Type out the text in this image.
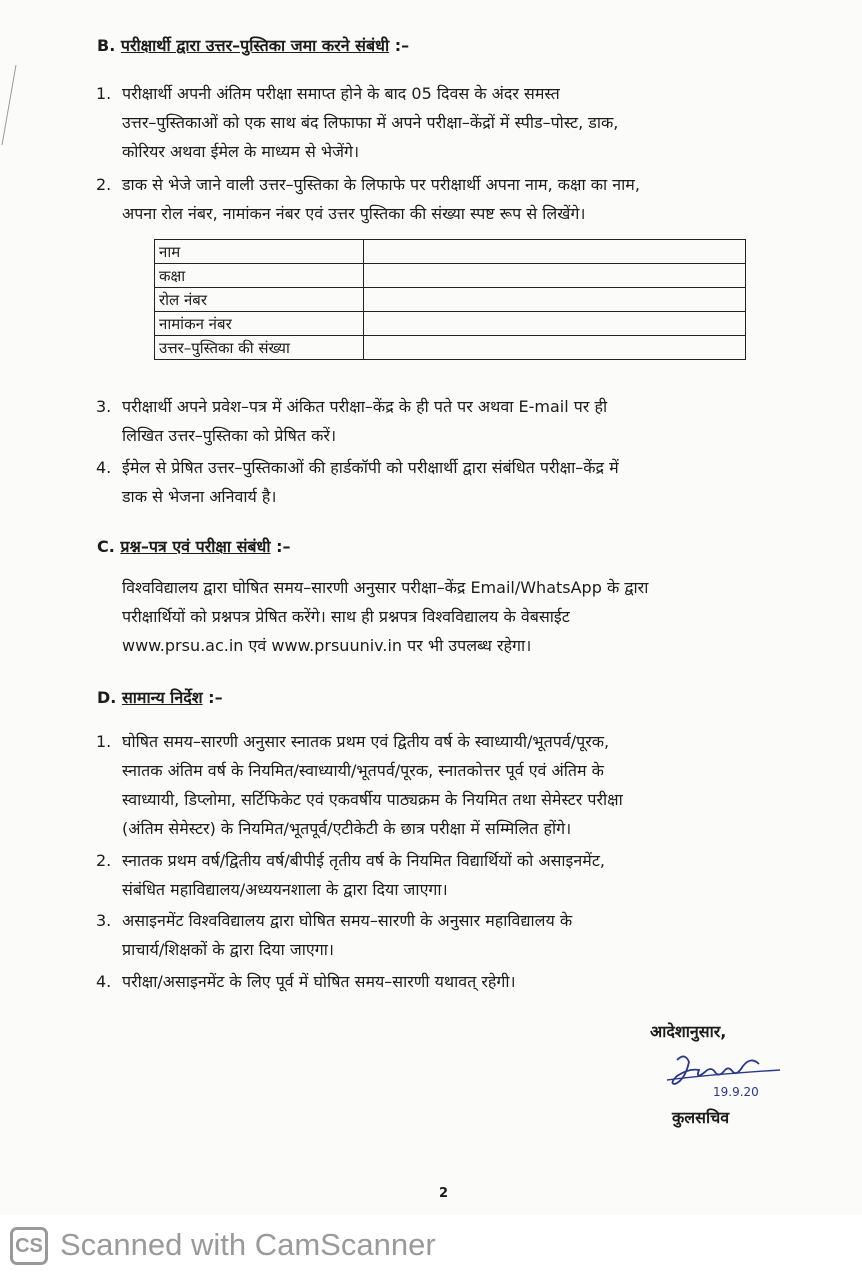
B. परीक्षार्थी द्वारा उत्तर–पुस्तिका जमा करने संबंधी :–
1. परीक्षार्थी अपनी अंतिम परीक्षा समाप्त होने के बाद 05 दिवस के अंदर समस्त
उत्तर–पुस्तिकाओं को एक साथ बंद लिफाफा में अपने परीक्षा–केंद्रों में स्पीड–पोस्ट, डाक,
कोरियर अथवा ईमेल के माध्यम से भेजेंगे।
2. डाक से भेजे जाने वाली उत्तर–पुस्तिका के लिफाफे पर परीक्षार्थी अपना नाम, कक्षा का नाम,
अपना रोल नंबर, नामांकन नंबर एवं उत्तर पुस्तिका की संख्या स्पष्ट रूप से लिखेंगे।
नाम	
कक्षा	
रोल नंबर	
नामांकन नंबर	
उत्तर–पुस्तिका की संख्या	
3. परीक्षार्थी अपने प्रवेश–पत्र में अंकित परीक्षा–केंद्र के ही पते पर अथवा E-mail पर ही
लिखित उत्तर–पुस्तिका को प्रेषित करें।
4. ईमेल से प्रेषित उत्तर–पुस्तिकाओं की हार्डकॉपी को परीक्षार्थी द्वारा संबंधित परीक्षा–केंद्र में
डाक से भेजना अनिवार्य है।
C. प्रश्न–पत्र एवं परीक्षा संबंधी :–
विश्वविद्यालय द्वारा घोषित समय–सारणी अनुसार परीक्षा–केंद्र Email/WhatsApp के द्वारा
परीक्षार्थियों को प्रश्नपत्र प्रेषित करेंगे। साथ ही प्रश्नपत्र विश्वविद्यालय के वेबसाईट
www.prsu.ac.in एवं www.prsuuniv.in पर भी उपलब्ध रहेगा।
D. सामान्य निर्देश :–
1. घोषित समय–सारणी अनुसार स्नातक प्रथम एवं द्वितीय वर्ष के स्वाध्यायी/भूतपर्व/पूरक,
स्नातक अंतिम वर्ष के नियमित/स्वाध्यायी/भूतपर्व/पूरक, स्नातकोत्तर पूर्व एवं अंतिम के
स्वाध्यायी, डिप्लोमा, सर्टिफिकेट एवं एकवर्षीय पाठ्यक्रम के नियमित तथा सेमेस्टर परीक्षा
(अंतिम सेमेस्टर) के नियमित/भूतपूर्व/एटीकेटी के छात्र परीक्षा में सम्मिलित होंगे।
2. स्नातक प्रथम वर्ष/द्वितीय वर्ष/बीपीई तृतीय वर्ष के नियमित विद्यार्थियों को असाइनमेंट,
संबंधित महाविद्यालय/अध्ययनशाला के द्वारा दिया जाएगा।
3. असाइनमेंट विश्वविद्यालय द्वारा घोषित समय–सारणी के अनुसार महाविद्यालय के
प्राचार्य/शिक्षकों के द्वारा दिया जाएगा।
4. परीक्षा/असाइनमेंट के लिए पूर्व में घोषित समय–सारणी यथावत् रहेगी।
आदेशानुसार,
19.9.20
कुलसचिव
2
CS Scanned with CamScanner
